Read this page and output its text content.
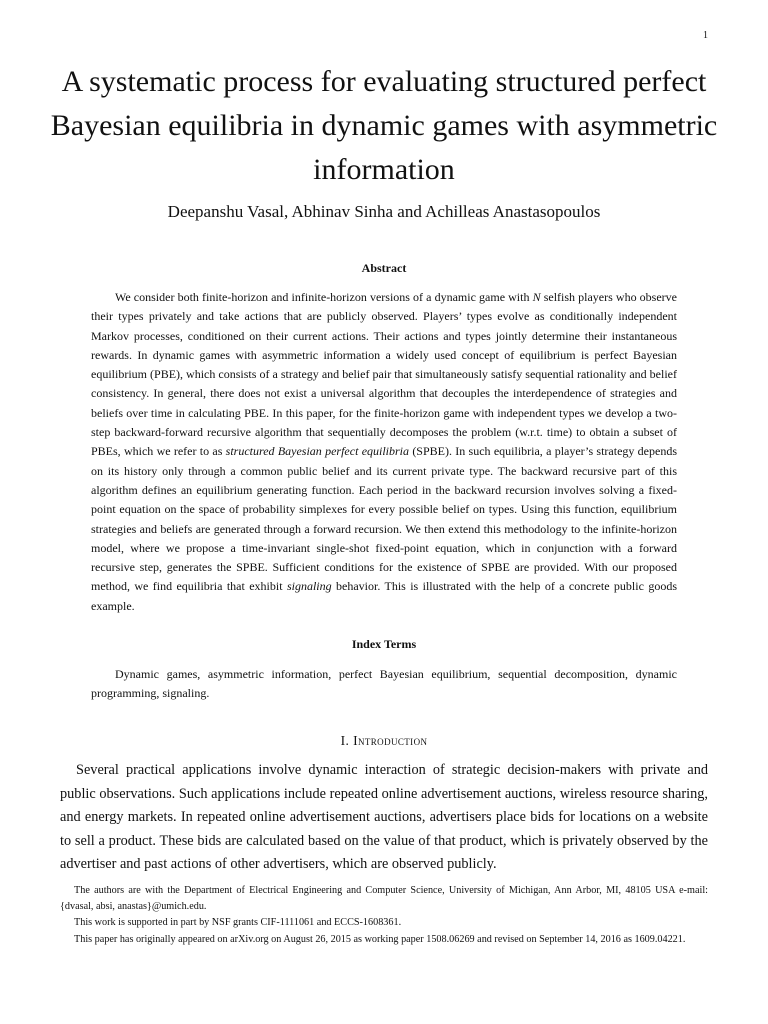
1
A systematic process for evaluating structured perfect Bayesian equilibria in dynamic games with asymmetric information
Deepanshu Vasal, Abhinav Sinha and Achilleas Anastasopoulos
Abstract

We consider both finite-horizon and infinite-horizon versions of a dynamic game with N selfish players who observe their types privately and take actions that are publicly observed. Players’ types evolve as conditionally independent Markov processes, conditioned on their current actions. Their actions and types jointly determine their instantaneous rewards. In dynamic games with asymmetric information a widely used concept of equilibrium is perfect Bayesian equilibrium (PBE), which consists of a strategy and belief pair that simultaneously satisfy sequential rationality and belief consistency. In general, there does not exist a universal algorithm that decouples the interdependence of strategies and beliefs over time in calculating PBE. In this paper, for the finite-horizon game with independent types we develop a two-step backward-forward recursive algorithm that sequentially decomposes the problem (w.r.t. time) to obtain a subset of PBEs, which we refer to as structured Bayesian perfect equilibria (SPBE). In such equilibria, a player’s strategy depends on its history only through a common public belief and its current private type. The backward recursive part of this algorithm defines an equilibrium generating function. Each period in the backward recursion involves solving a fixed-point equation on the space of probability simplexes for every possible belief on types. Using this function, equilibrium strategies and beliefs are generated through a forward recursion. We then extend this methodology to the infinite-horizon model, where we propose a time-invariant single-shot fixed-point equation, which in conjunction with a forward recursive step, generates the SPBE. Sufficient conditions for the existence of SPBE are provided. With our proposed method, we find equilibria that exhibit signaling behavior. This is illustrated with the help of a concrete public goods example.

Index Terms

Dynamic games, asymmetric information, perfect Bayesian equilibrium, sequential decomposition, dynamic programming, signaling.

I. Introduction

Several practical applications involve dynamic interaction of strategic decision-makers with private and public observations. Such applications include repeated online advertisement auctions, wireless resource sharing, and energy markets. In repeated online advertisement auctions, advertisers place bids for locations on a website to sell a product. These bids are calculated based on the value of that product, which is privately observed by the advertiser and past actions of other advertisers, which are observed publicly.

The authors are with the Department of Electrical Engineering and Computer Science, University of Michigan, Ann Arbor, MI, 48105 USA e-mail: {dvasal, absi, anastas}@umich.edu.

This work is supported in part by NSF grants CIF-1111061 and ECCS-1608361.

This paper has originally appeared on arXiv.org on August 26, 2015 as working paper 1508.06269 and revised on September 14, 2016 as 1609.04221.
